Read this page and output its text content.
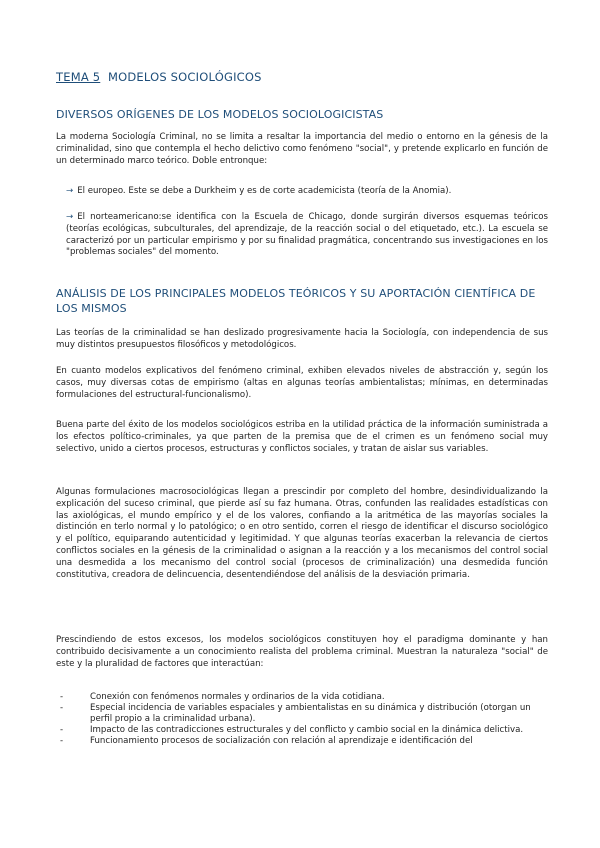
TEMA 5 MODELOS SOCIOLÓGICOS
DIVERSOS ORÍGENES DE LOS MODELOS SOCIOLOGICISTAS
La moderna Sociología Criminal, no se limita a resaltar la importancia del medio o entorno en la génesis de la criminalidad, sino que contempla el hecho delictivo como fenómeno "social", y pretende explicarlo en función de un determinado marco teórico. Doble entronque:
→ El europeo. Este se debe a Durkheim y es de corte academicista (teoría de la Anomia).
→ El norteamericano:se identifica con la Escuela de Chicago, donde surgirán diversos esquemas teóricos (teorías ecológicas, subculturales, del aprendizaje, de la reacción social o del etiquetado, etc.). La escuela se caracterizó por un particular empirismo y por su finalidad pragmática, concentrando sus investigaciones en los "problemas sociales" del momento.
ANÁLISIS DE LOS PRINCIPALES MODELOS TEÓRICOS Y SU APORTACIÓN CIENTÍFICA DE LOS MISMOS
Las teorías de la criminalidad se han deslizado progresivamente hacia la Sociología, con independencia de sus muy distintos presupuestos filosóficos y metodológicos.
En cuanto modelos explicativos del fenómeno criminal, exhiben elevados niveles de abstracción y, según los casos, muy diversas cotas de empirismo (altas en algunas teorías ambientalistas; mínimas, en determinadas formulaciones del estructural-funcionalismo).
Buena parte del éxito de los modelos sociológicos estriba en la utilidad práctica de la información suministrada a los efectos político-criminales, ya que parten de la premisa que de el crimen es un fenómeno social muy selectivo, unido a ciertos procesos, estructuras y conflictos sociales, y tratan de aislar sus variables.
Algunas formulaciones macrosociológicas llegan a prescindir por completo del hombre, desindividualizando la explicación del suceso criminal, que pierde así su faz humana. Otras, confunden las realidades estadísticas con las axiológicas, el mundo empírico y el de los valores, confiando a la aritmética de las mayorías sociales la distinción en terlo normal y lo patológico; o en otro sentido, corren el riesgo de identificar el discurso sociológico y el político, equiparando autenticidad y legitimidad. Y que algunas teorías exacerban la relevancia de ciertos conflictos sociales en la génesis de la criminalidad o asignan a la reacción y a los mecanismos del control social una desmedida a los mecanismo del control social (procesos de criminalización) una desmedida función constitutiva, creadora de delincuencia, desentendiéndose del análisis de la desviación primaria.
Prescindiendo de estos excesos, los modelos sociológicos constituyen hoy el paradigma dominante y han contribuido decisivamente a un conocimiento realista del problema criminal. Muestran la naturaleza "social" de este y la pluralidad de factores que interactúan:
-	Conexión con fenómenos normales y ordinarios de la vida cotidiana.
-	Especial incidencia de variables espaciales y ambientalistas en su dinámica y distribución (otorgan un perfil propio a la criminalidad urbana).
-	Impacto de las contradicciones estructurales y del conflicto y cambio social en la dinámica delictiva.
-	Funcionamiento procesos de socialización con relación al aprendizaje e identificación del
